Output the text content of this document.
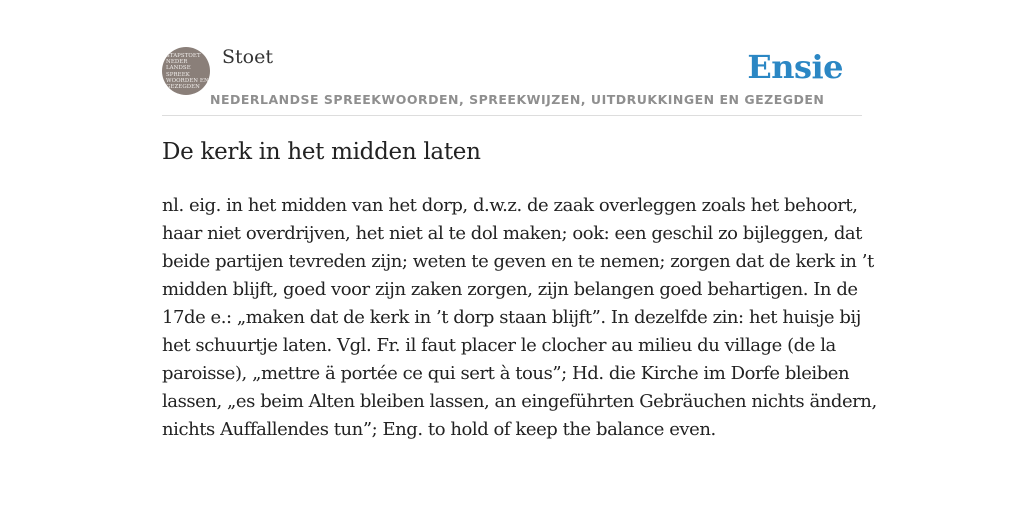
STAPSTOET
NEDER
LANDSE
SPREEK
WOORDEN EN
GEZEGDEN

Stoet

NEDERLANDSE SPREEKWOORDEN, SPREEKWIJZEN, UITDRUKKINGEN EN GEZEGDEN

Ensie

De kerk in het midden laten

nl. eig. in het midden van het dorp, d.w.z. de zaak overleggen zoals het behoort,
haar niet overdrijven, het niet al te dol maken; ook: een geschil zo bijleggen, dat
beide partijen tevreden zijn; weten te geven en te nemen; zorgen dat de kerk in ’t
midden blijft, goed voor zijn zaken zorgen, zijn belangen goed behartigen. In de
17de e.: „maken dat de kerk in ’t dorp staan blijft”. In dezelfde zin: het huisje bij
het schuurtje laten. Vgl. Fr. il faut placer le clocher au milieu du village (de la
paroisse), „mettre ä portée ce qui sert à tous”; Hd. die Kirche im Dorfe bleiben
lassen, „es beim Alten bleiben lassen, an eingeführten Gebräuchen nichts ändern,
nichts Auffallendes tun”; Eng. to hold of keep the balance even.
